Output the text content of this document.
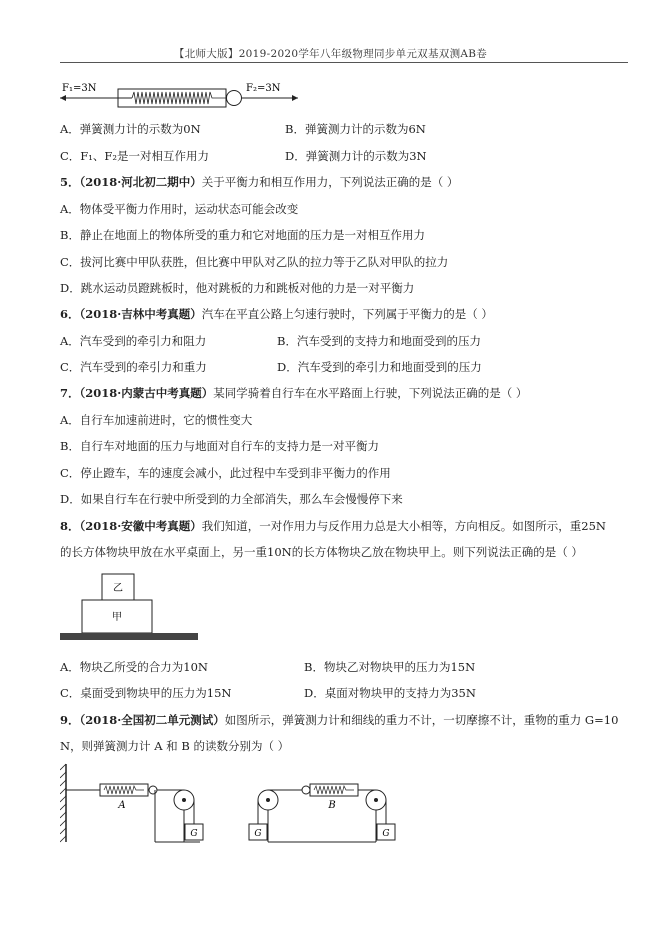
【北师大版】2019-2020学年八年级物理同步单元双基双测AB卷
F₁=3N	F₂=3N
A．弹簧测力计的示数为0N	B．弹簧测力计的示数为6N
C．F₁、F₂是一对相互作用力	D．弹簧测力计的示数为3N
5．（2018·河北初二期中）关于平衡力和相互作用力，下列说法正确的是（ ）
A．物体受平衡力作用时，运动状态可能会改变
B．静止在地面上的物体所受的重力和它对地面的压力是一对相互作用力
C．拔河比赛中甲队获胜，但比赛中甲队对乙队的拉力等于乙队对甲队的拉力
D．跳水运动员蹬跳板时，他对跳板的力和跳板对他的力是一对平衡力
6．（2018·吉林中考真题）汽车在平直公路上匀速行驶时，下列属于平衡力的是（ ）
A．汽车受到的牵引力和阻力	B．汽车受到的支持力和地面受到的压力
C．汽车受到的牵引力和重力	D．汽车受到的牵引力和地面受到的压力
7．（2018·内蒙古中考真题）某同学骑着自行车在水平路面上行驶，下列说法正确的是（ ）
A．自行车加速前进时，它的惯性变大
B．自行车对地面的压力与地面对自行车的支持力是一对平衡力
C．停止蹬车，车的速度会减小，此过程中车受到非平衡力的作用
D．如果自行车在行驶中所受到的力全部消失，那么车会慢慢停下来
8．（2018·安徽中考真题）我们知道，一对作用力与反作用力总是大小相等，方向相反。如图所示，重25N
的长方体物块甲放在水平桌面上，另一重10N的长方体物块乙放在物块甲上。则下列说法正确的是（ ）
乙
甲
A．物块乙所受的合力为10N	B．物块乙对物块甲的压力为15N
C．桌面受到物块甲的压力为15N	D．桌面对物块甲的支持力为35N
9．（2018·全国初二单元测试）如图所示，弹簧测力计和细线的重力不计，一切摩擦不计，重物的重力 G=10
N，则弹簧测力计 A 和 B 的读数分别为（ ）
A
G	G
B
G
